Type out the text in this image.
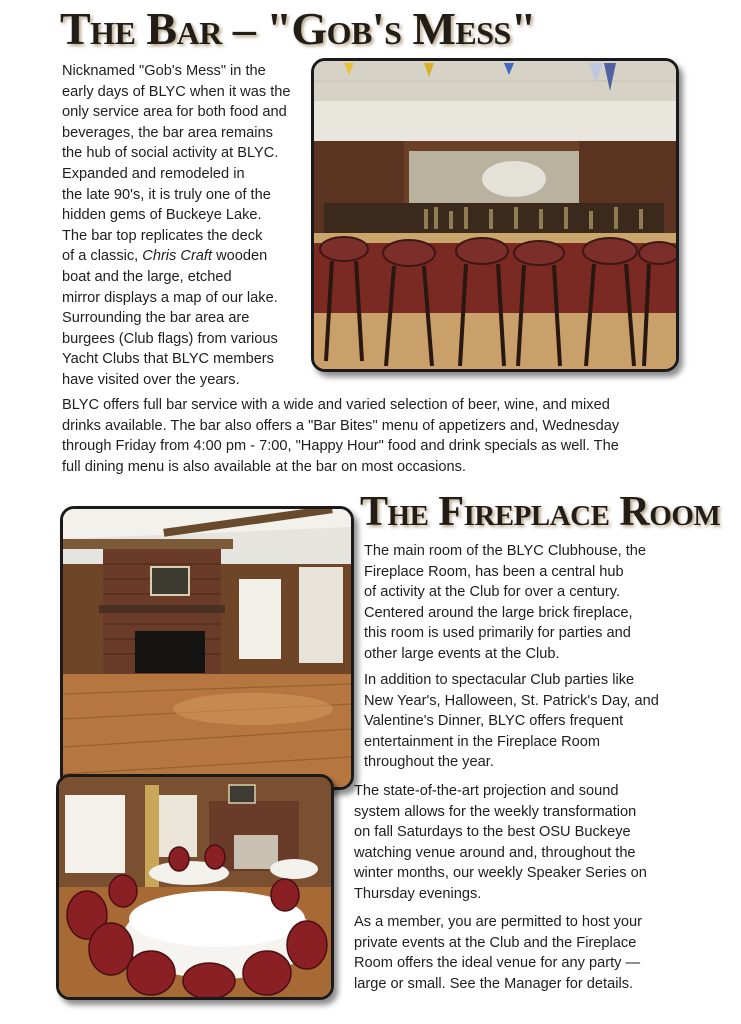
The Bar – "Gob's Mess"

Nicknamed "Gob's Mess" in the
early days of BLYC when it was the
only service area for both food and
beverages, the bar area remains
the hub of social activity at BLYC.
Expanded and remodeled in
the late 90's, it is truly one of the
hidden gems of Buckeye Lake.
The bar top replicates the deck
of a classic, Chris Craft wooden
boat and the large, etched
mirror displays a map of our lake.
Surrounding the bar area are
burgees (Club flags) from various
Yacht Clubs that BLYC members
have visited over the years.

BLYC offers full bar service with a wide and varied selection of beer, wine, and mixed
drinks available. The bar also offers a "Bar Bites" menu of appetizers and, Wednesday
through Friday from 4:00 pm - 7:00, "Happy Hour" food and drink specials as well. The
full dining menu is also available at the bar on most occasions.

The Fireplace Room

The main room of the BLYC Clubhouse, the
Fireplace Room, has been a central hub
of activity at the Club for over a century.
Centered around the large brick fireplace,
this room is used primarily for parties and
other large events at the Club.

In addition to spectacular Club parties like
New Year's, Halloween, St. Patrick's Day, and
Valentine's Dinner, BLYC offers frequent
entertainment in the Fireplace Room
throughout the year.

The state-of-the-art projection and sound
system allows for the weekly transformation
on fall Saturdays to the best OSU Buckeye
watching venue around and, throughout the
winter months, our weekly Speaker Series on
Thursday evenings.

As a member, you are permitted to host your
private events at the Club and the Fireplace
Room offers the ideal venue for any party —
large or small. See the Manager for details.
